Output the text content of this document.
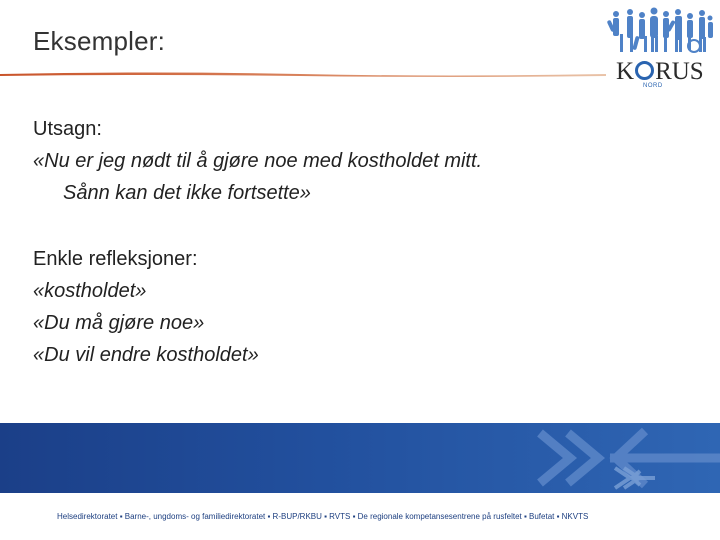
Eksempler:
K RUS
NORD
Utsagn:
«Nu er jeg nødt til å gjøre noe med kostholdet mitt.
Sånn kan det ikke fortsette»
Enkle refleksjoner:
«kostholdet»
«Du må gjøre noe»
«Du vil endre kostholdet»
Helsedirektoratet ▪ Barne-, ungdoms- og familiedirektoratet ▪ R-BUP/RKBU ▪ RVTS ▪ De regionale kompetansesentrene på rusfeltet ▪ Bufetat ▪ NKVTS
